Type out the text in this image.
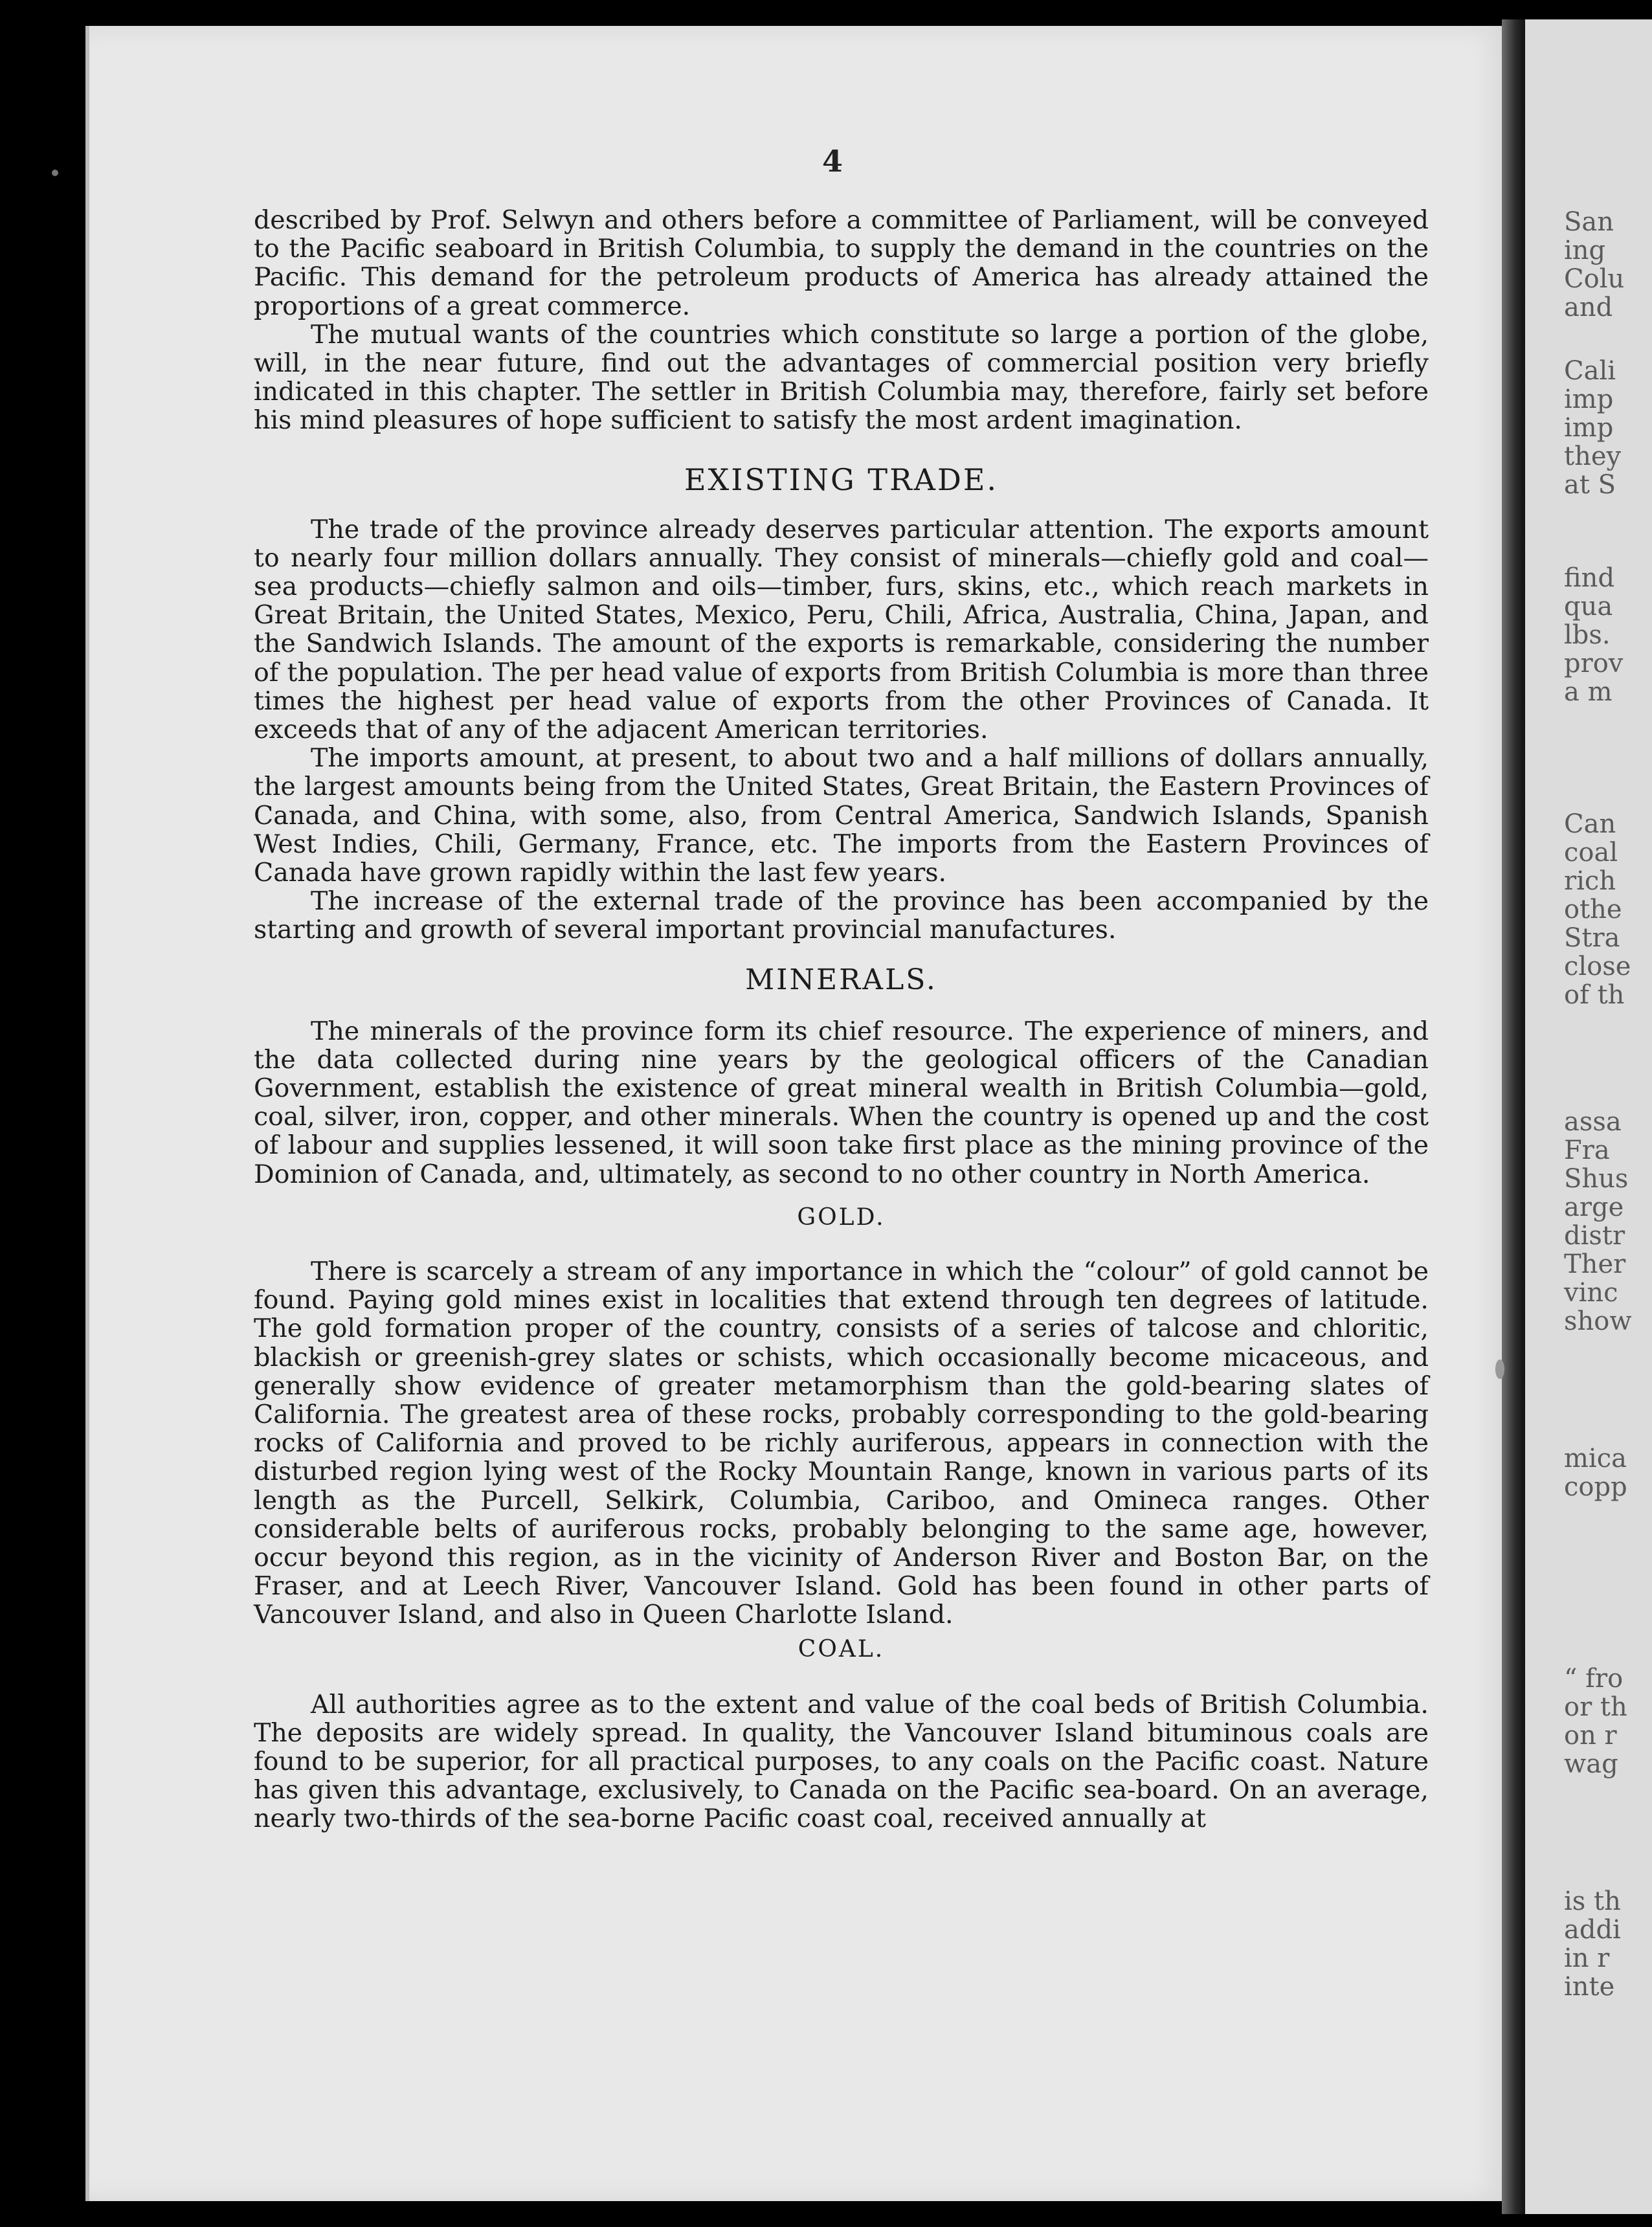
San
ing
Colu
and
Cali
imp
imp
they
at S
find
qua
lbs.
prov
a m
Can
coal
rich
othe
Stra
close
of th
assa
Fra
Shus
arge
distr
Ther
vinc
show
mica
copp
“ fro
or th
on r
wag
is th
addi
in r
inte
4

described by Prof. Selwyn and others before a committee of Parliament, will be conveyed to the Pacific seaboard in British Columbia, to supply the demand in the countries on the Pacific. This demand for the petroleum products of America has already attained the proportions of a great commerce.

The mutual wants of the countries which constitute so large a portion of the globe, will, in the near future, find out the advantages of commercial position very briefly indicated in this chapter. The settler in British Columbia may, therefore, fairly set before his mind pleasures of hope sufficient to satisfy the most ardent imagination.

EXISTING TRADE.

The trade of the province already deserves particular attention. The exports amount to nearly four million dollars annually. They consist of minerals—chiefly gold and coal—sea products—chiefly salmon and oils—timber, furs, skins, etc., which reach markets in Great Britain, the United States, Mexico, Peru, Chili, Africa, Australia, China, Japan, and the Sandwich Islands. The amount of the exports is remarkable, considering the number of the population. The per head value of exports from British Columbia is more than three times the highest per head value of exports from the other Provinces of Canada. It exceeds that of any of the adjacent American territories.

The imports amount, at present, to about two and a half millions of dollars annually, the largest amounts being from the United States, Great Britain, the Eastern Provinces of Canada, and China, with some, also, from Central America, Sandwich Islands, Spanish West Indies, Chili, Germany, France, etc. The imports from the Eastern Provinces of Canada have grown rapidly within the last few years.

The increase of the external trade of the province has been accompanied by the starting and growth of several important provincial manufactures.

MINERALS.

The minerals of the province form its chief resource. The experience of miners, and the data collected during nine years by the geological officers of the Canadian Government, establish the existence of great mineral wealth in British Columbia—gold, coal, silver, iron, copper, and other minerals. When the country is opened up and the cost of labour and supplies lessened, it will soon take first place as the mining province of the Dominion of Canada, and, ultimately, as second to no other country in North America.

GOLD.

There is scarcely a stream of any importance in which the “colour” of gold cannot be found. Paying gold mines exist in localities that extend through ten degrees of latitude. The gold formation proper of the country, consists of a series of talcose and chloritic, blackish or greenish-grey slates or schists, which occasionally become micaceous, and generally show evidence of greater metamorphism than the gold-bearing slates of California. The greatest area of these rocks, probably corresponding to the gold-bearing rocks of California and proved to be richly auriferous, appears in connection with the disturbed region lying west of the Rocky Mountain Range, known in various parts of its length as the Purcell, Selkirk, Columbia, Cariboo, and Omineca ranges. Other considerable belts of auriferous rocks, probably belonging to the same age, however, occur beyond this region, as in the vicinity of Anderson River and Boston Bar, on the Fraser, and at Leech River, Vancouver Island. Gold has been found in other parts of Vancouver Island, and also in Queen Charlotte Island.

COAL.

All authorities agree as to the extent and value of the coal beds of British Columbia. The deposits are widely spread. In quality, the Vancouver Island bituminous coals are found to be superior, for all practical purposes, to any coals on the Pacific coast. Nature has given this advantage, exclusively, to Canada on the Pacific sea-board. On an average, nearly two-thirds of the sea-borne Pacific coast coal, received annually at
